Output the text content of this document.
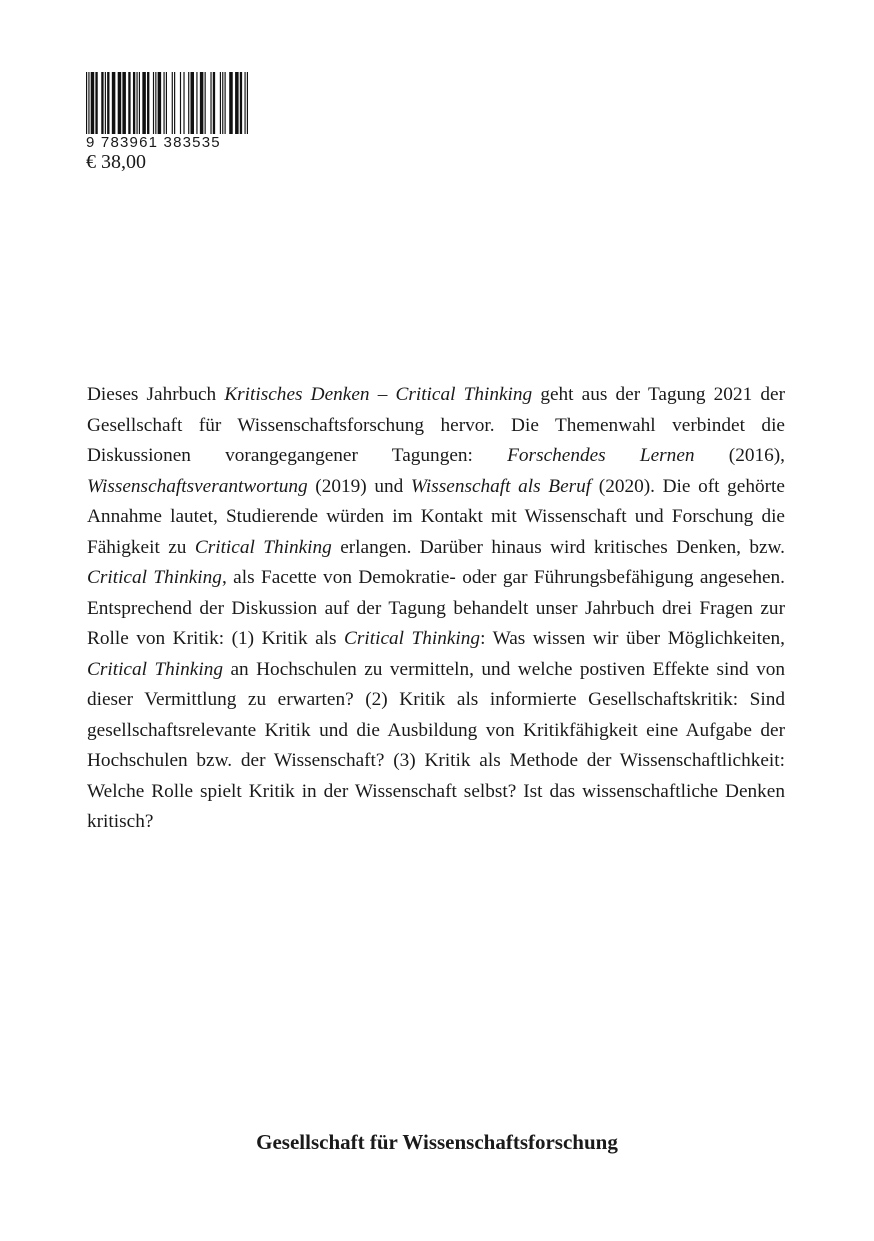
9 783961 383535
€ 38,00

Dieses Jahrbuch Kritisches Denken – Critical Thinking geht aus der Tagung 2021 der Gesellschaft für Wissenschaftsforschung hervor. Die Themenwahl verbindet die Diskussionen vorangegangener Tagungen: Forschendes Lernen (2016), Wissenschaftsverantwortung (2019) und Wissenschaft als Beruf (2020). Die oft gehörte Annahme lautet, Studierende würden im Kontakt mit Wissenschaft und Forschung die Fähigkeit zu Critical Thinking erlangen. Darüber hinaus wird kritisches Denken, bzw. Critical Thinking, als Facette von Demokratie- oder gar Führungsbefähigung angesehen. Entsprechend der Diskussion auf der Tagung behandelt unser Jahrbuch drei Fragen zur Rolle von Kritik: (1) Kritik als Critical Thinking: Was wissen wir über Möglichkeiten, Critical Thinking an Hochschulen zu vermitteln, und welche postiven Effekte sind von dieser Vermittlung zu erwarten? (2) Kritik als informierte Gesellschaftskritik: Sind gesellschaftsrelevante Kritik und die Ausbildung von Kritikfähigkeit eine Aufgabe der Hochschulen bzw. der Wissenschaft? (3) Kritik als Methode der Wissenschaftlichkeit: Welche Rolle spielt Kritik in der Wissenschaft selbst? Ist das wissenschaftliche Denken kritisch?

Gesellschaft für Wissenschaftsforschung
